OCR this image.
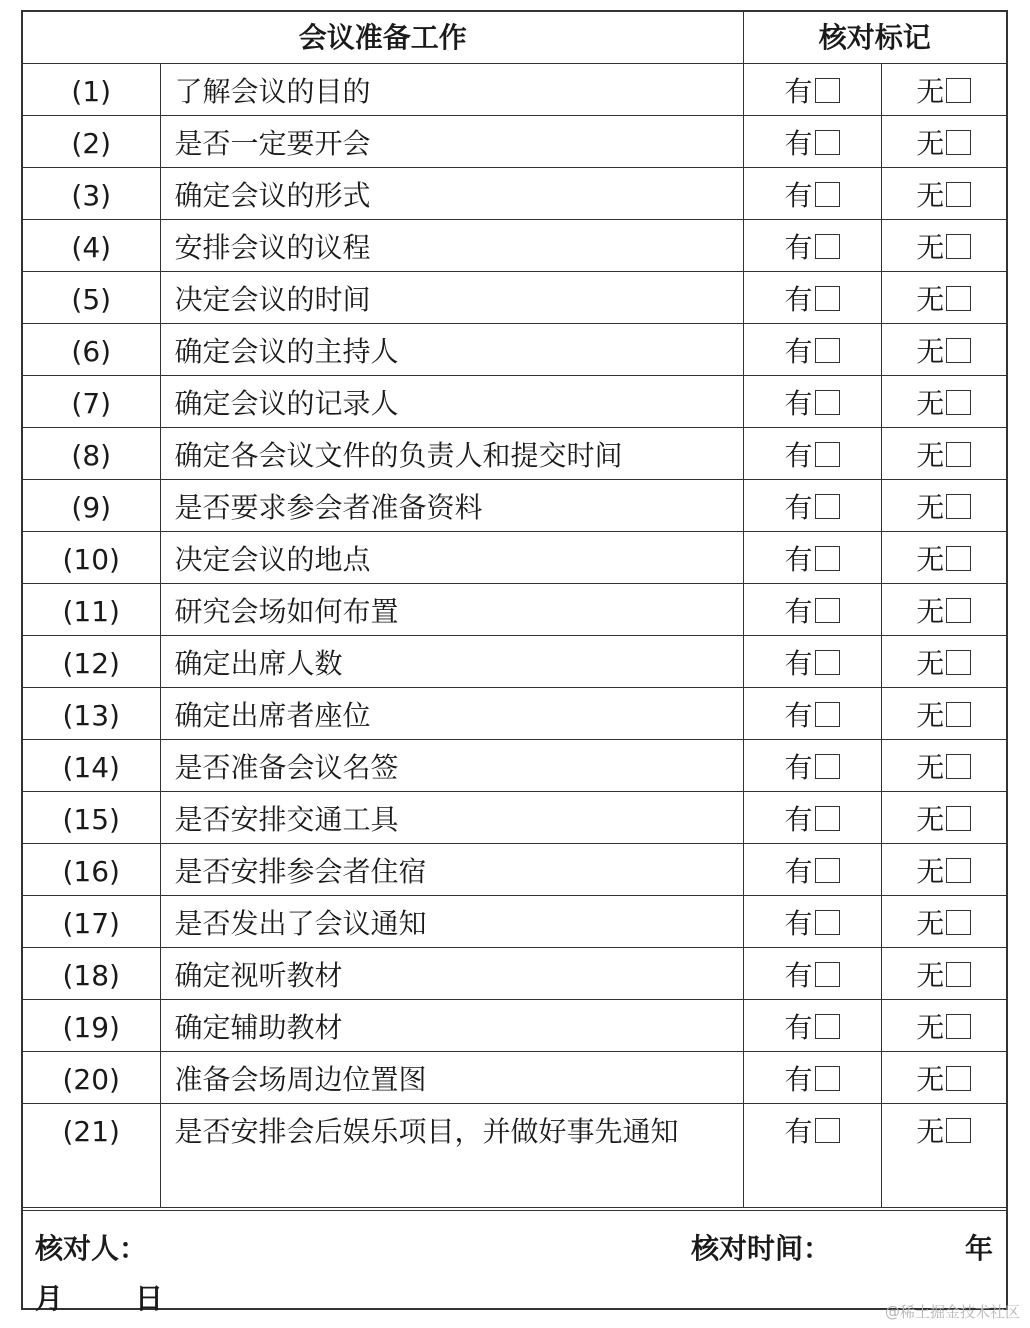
会议准备工作		核对标记	
(1)	了解会议的目的	有	无
(2)	是否一定要开会	有	无
(3)	确定会议的形式	有	无
(4)	安排会议的议程	有	无
(5)	决定会议的时间	有	无
(6)	确定会议的主持人	有	无
(7)	确定会议的记录人	有	无
(8)	确定各会议文件的负责人和提交时间	有	无
(9)	是否要求参会者准备资料	有	无
(10)	决定会议的地点	有	无
(11)	研究会场如何布置	有	无
(12)	确定出席人数	有	无
(13)	确定出席者座位	有	无
(14)	是否准备会议名签	有	无
(15)	是否安排交通工具	有	无
(16)	是否安排参会者住宿	有	无
(17)	是否发出了会议通知	有	无
(18)	确定视听教材	有	无
(19)	确定辅助教材	有	无
(20)	准备会场周边位置图	有	无
(21)	是否安排会后娱乐项目，并做好事先通知	有	无
核对人：	核对时间：	年
月	日	@稀土掘金技术社区
